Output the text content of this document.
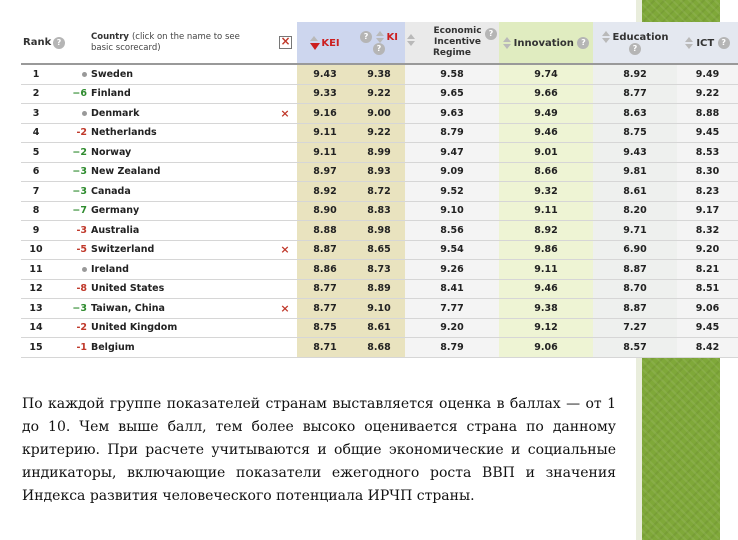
Rank	?		Country (click on the name to see
basic scorecard)	×	KEI	? KI ?	Economic
Incentive
Regime
?	Innovation ?	Education ?	ICT ?
1			Sweden		9.43	9.38	9.58	9.74	8.92	9.49
2		−6	Finland		9.33	9.22	9.65	9.66	8.77	9.22
3			Denmark	×	9.16	9.00	9.63	9.49	8.63	8.88
4		-2	Netherlands		9.11	9.22	8.79	9.46	8.75	9.45
5		−2	Norway		9.11	8.99	9.47	9.01	9.43	8.53
6		−3	New Zealand		8.97	8.93	9.09	8.66	9.81	8.30
7		−3	Canada		8.92	8.72	9.52	9.32	8.61	8.23
8		−7	Germany		8.90	8.83	9.10	9.11	8.20	9.17
9		-3	Australia		8.88	8.98	8.56	8.92	9.71	8.32
10		-5	Switzerland	×	8.87	8.65	9.54	9.86	6.90	9.20
11			Ireland		8.86	8.73	9.26	9.11	8.87	8.21
12		-8	United States		8.77	8.89	8.41	9.46	8.70	8.51
13		−3	Taiwan, China	×	8.77	9.10	7.77	9.38	8.87	9.06
14		-2	United Kingdom		8.75	8.61	9.20	9.12	7.27	9.45
15		-1	Belgium		8.71	8.68	8.79	9.06	8.57	8.42
По каждой группе показателей странам выставляется оценка в баллах — от 1 до 10. Чем выше балл, тем более высоко оценивается страна по данному критерию. При расчете учитываются и общие экономические и социальные индикаторы, включающие показатели ежегодного роста ВВП и значения Индекса развития человеческого потенциала ИРЧП страны.
